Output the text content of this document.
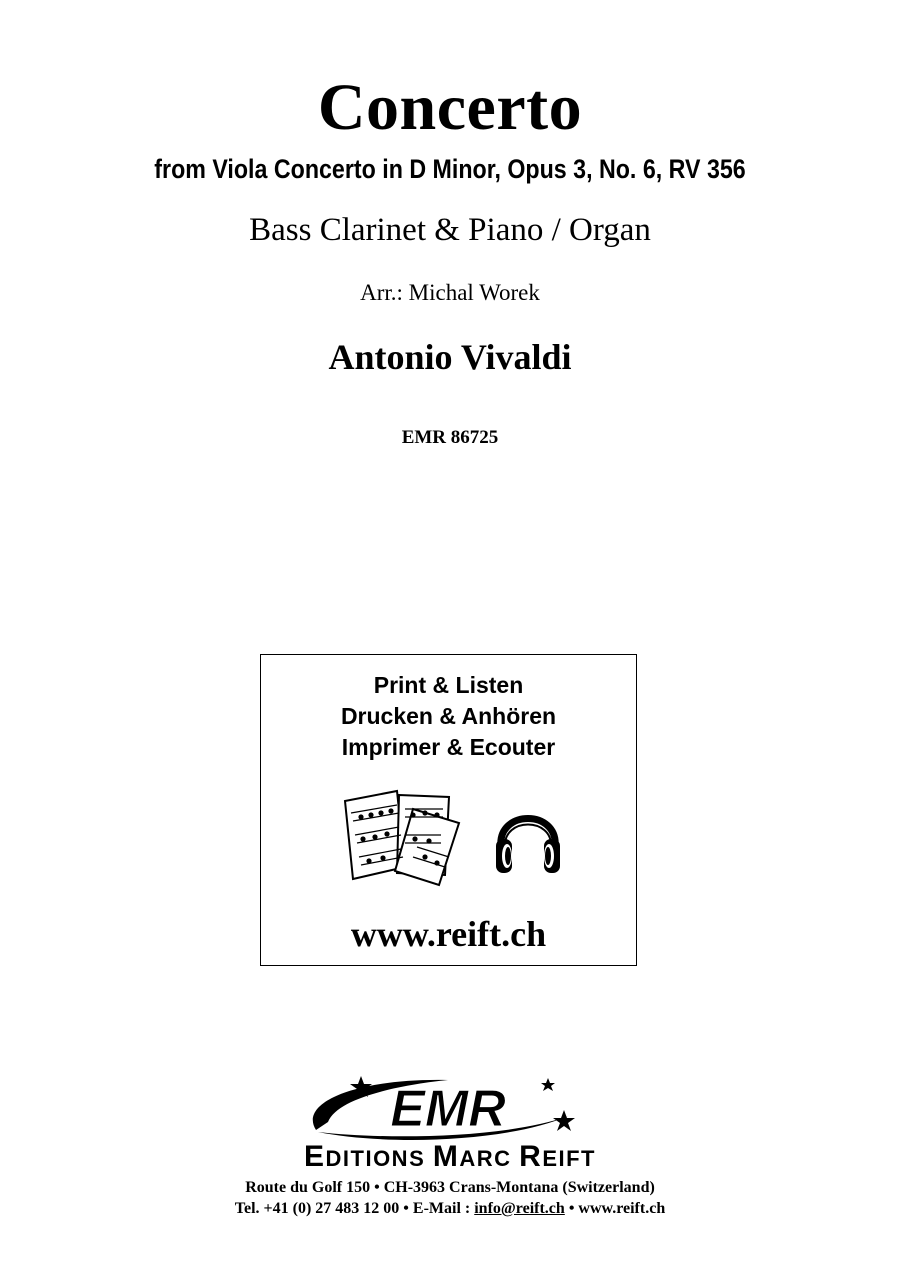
Concerto
from Viola Concerto in D Minor, Opus 3, No. 6, RV 356
Bass Clarinet & Piano / Organ
Arr.: Michal Worek
Antonio Vivaldi
EMR 86725
Print & Listen
Drucken & Anhören
Imprimer & Ecouter
www.reift.ch
EMR
EDITIONS MARC REIFT
Route du Golf 150 • CH-3963 Crans-Montana (Switzerland)
Tel. +41 (0) 27 483 12 00 • E-Mail : info@reift.ch • www.reift.ch
